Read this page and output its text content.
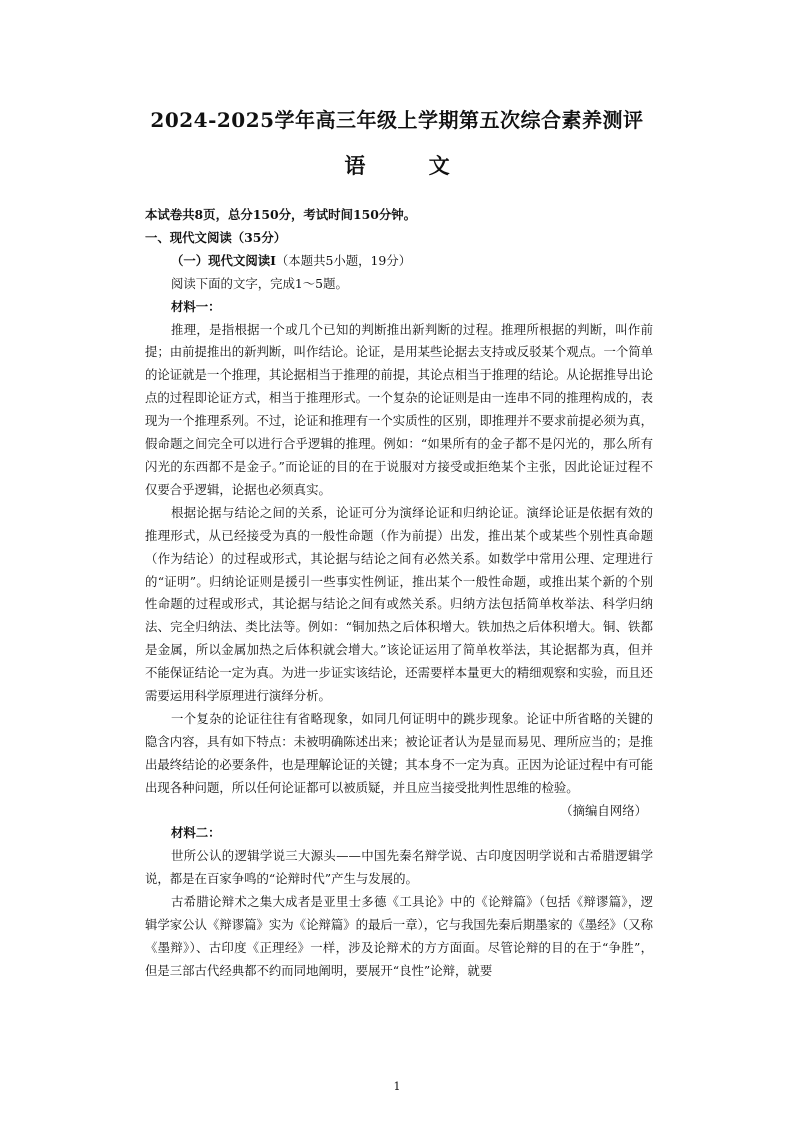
2024-2025学年高三年级上学期第五次综合素养测评
语 文
本试卷共8页，总分150分，考试时间150分钟。
一、现代文阅读（35分）
（一）现代文阅读Ⅰ（本题共5小题，19分）
阅读下面的文字，完成1～5题。
材料一：
推理，是指根据一个或几个已知的判断推出新判断的过程。推理所根据的判断，叫作前提；由前提推出的新判断，叫作结论。论证，是用某些论据去支持或反驳某个观点。一个简单的论证就是一个推理，其论据相当于推理的前提，其论点相当于推理的结论。从论据推导出论点的过程即论证方式，相当于推理形式。一个复杂的论证则是由一连串不同的推理构成的，表现为一个推理系列。不过，论证和推理有一个实质性的区别，即推理并不要求前提必须为真，假命题之间完全可以进行合乎逻辑的推理。例如：“如果所有的金子都不是闪光的，那么所有闪光的东西都不是金子。”而论证的目的在于说服对方接受或拒绝某个主张，因此论证过程不仅要合乎逻辑，论据也必须真实。
根据论据与结论之间的关系，论证可分为演绎论证和归纳论证。演绎论证是依据有效的推理形式，从已经接受为真的一般性命题（作为前提）出发，推出某个或某些个别性真命题（作为结论）的过程或形式，其论据与结论之间有必然关系。如数学中常用公理、定理进行的“证明”。归纳论证则是援引一些事实性例证，推出某个一般性命题，或推出某个新的个别性命题的过程或形式，其论据与结论之间有或然关系。归纳方法包括简单枚举法、科学归纳法、完全归纳法、类比法等。例如：“铜加热之后体积增大。铁加热之后体积增大。铜、铁都是金属，所以金属加热之后体积就会增大。”该论证运用了简单枚举法，其论据都为真，但并不能保证结论一定为真。为进一步证实该结论，还需要样本量更大的精细观察和实验，而且还需要运用科学原理进行演绎分析。
一个复杂的论证往往有省略现象，如同几何证明中的跳步现象。论证中所省略的关键的隐含内容，具有如下特点：未被明确陈述出来；被论证者认为是显而易见、理所应当的；是推出最终结论的必要条件，也是理解论证的关键；其本身不一定为真。正因为论证过程中有可能出现各种问题，所以任何论证都可以被质疑，并且应当接受批判性思维的检验。
（摘编自网络）
材料二：
世所公认的逻辑学说三大源头——中国先秦名辩学说、古印度因明学说和古希腊逻辑学说，都是在百家争鸣的“论辩时代”产生与发展的。
古希腊论辩术之集大成者是亚里士多德《工具论》中的《论辩篇》（包括《辩谬篇》，逻辑学家公认《辩谬篇》实为《论辩篇》的最后一章），它与我国先秦后期墨家的《墨经》（又称《墨辩》）、古印度《正理经》一样，涉及论辩术的方方面面。尽管论辩的目的在于“争胜”，但是三部古代经典都不约而同地阐明，要展开“良性”论辩，就要
1
